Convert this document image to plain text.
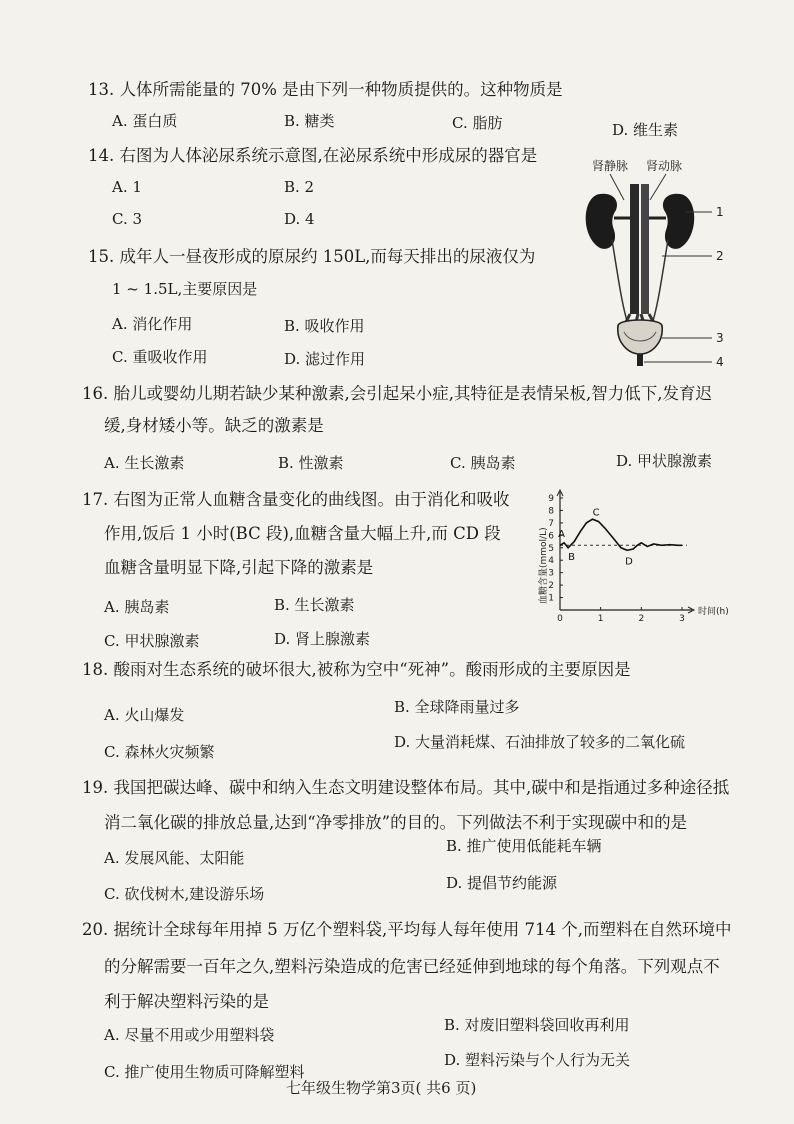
13. 人体所需能量的 70% 是由下列一种物质提供的。这种物质是
A. 蛋白质	B. 糖类	C. 脂肪	D. 维生素
14. 右图为人体泌尿系统示意图,在泌尿系统中形成尿的器官是
A. 1	B. 2
C. 3	D. 4
肾静脉 肾动脉
1
2
3
4
15. 成年人一昼夜形成的原尿约 150L,而每天排出的尿液仅为
1 ~ 1.5L,主要原因是
A. 消化作用	B. 吸收作用
C. 重吸收作用	D. 滤过作用
16. 胎儿或婴幼儿期若缺少某种激素,会引起呆小症,其特征是表情呆板,智力低下,发育迟
缓,身材矮小等。缺乏的激素是
A. 生长激素	B. 性激素	C. 胰岛素	D. 甲状腺激素
17. 右图为正常人血糖含量变化的曲线图。由于消化和吸收
作用,饭后 1 小时(BC 段),血糖含量大幅上升,而 CD 段
血糖含量明显下降,引起下降的激素是
A. 胰岛素	B. 生长激素
C. 甲状腺激素	D. 肾上腺激素
1
2
3
4
5
6
7
8
9
0	1	2	3
A
B
C
D
时间(h)
血糖含量(mmol/L)
18. 酸雨对生态系统的破坏很大,被称为空中“死神”。酸雨形成的主要原因是
A. 火山爆发	B. 全球降雨量过多
C. 森林火灾频繁
D. 大量消耗煤、石油排放了较多的二氧化硫
19. 我国把碳达峰、碳中和纳入生态文明建设整体布局。其中,碳中和是指通过多种途径抵
消二氧化碳的排放总量,达到“净零排放”的目的。下列做法不利于实现碳中和的是
A. 发展风能、太阳能
B. 推广使用低能耗车辆
C. 砍伐树木,建设游乐场
D. 提倡节约能源
20. 据统计全球每年用掉 5 万亿个塑料袋,平均每人每年使用 714 个,而塑料在自然环境中
的分解需要一百年之久,塑料污染造成的危害已经延伸到地球的每个角落。下列观点不
利于解决塑料污染的是
A. 尽量不用或少用塑料袋
B. 对废旧塑料袋回收再利用
C. 推广使用生物质可降解塑料
D. 塑料污染与个人行为无关
七年级生物学第3页( 共6 页)
